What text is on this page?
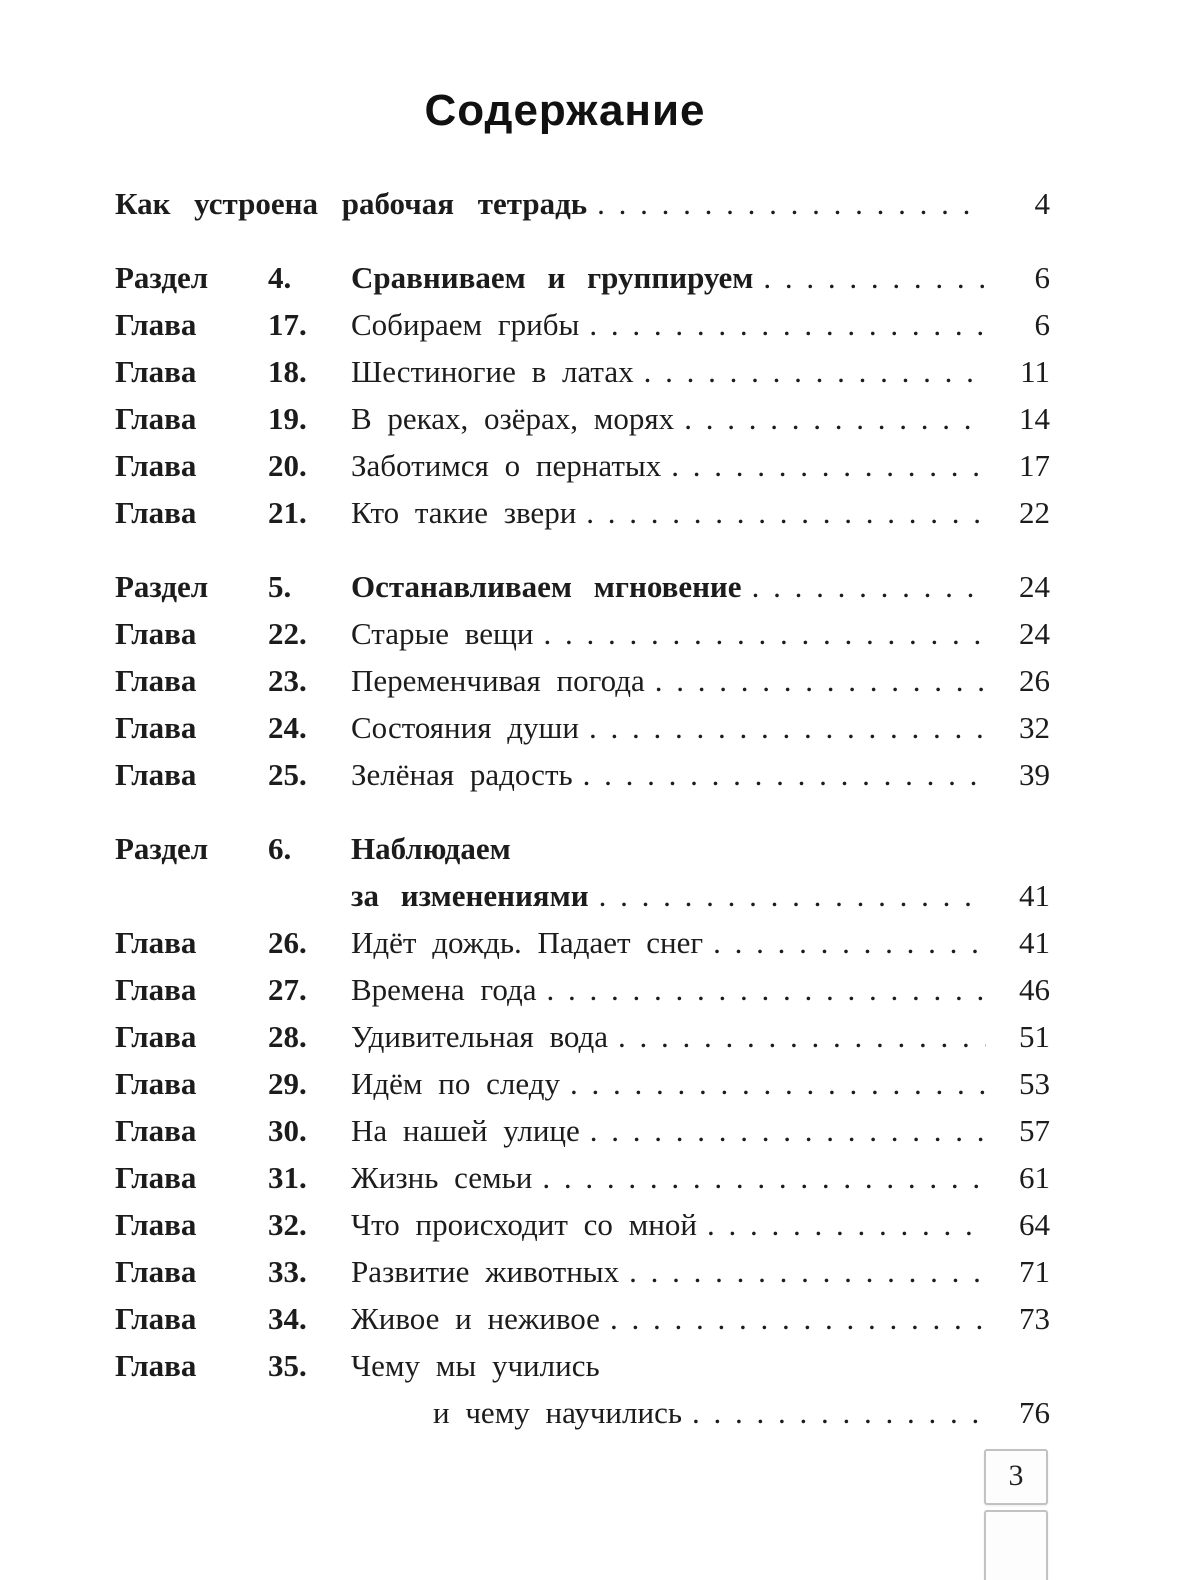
Содержание
Как устроена рабочая тетрадь . . .	4
Раздел	4.	Сравниваем и группируем . . .	6
Глава	17.	Собираем грибы . . .	6
Глава	18.	Шестиногие в латах . . .	11
Глава	19.	В реках, озёрах, морях . . .	14
Глава	20.	Заботимся о пернатых . . .	17
Глава	21.	Кто такие звери . . .	22
Раздел	5.	Останавливаем мгновение . . .	24
Глава	22.	Старые вещи . . .	24
Глава	23.	Переменчивая погода . . .	26
Глава	24.	Состояния души . . .	32
Глава	25.	Зелёная радость . . .	39
Раздел	6.	Наблюдаем
за изменениями . . .	41
Глава	26.	Идёт дождь. Падает снег . . .	41
Глава	27.	Времена года . . .	46
Глава	28.	Удивительная вода . . .	51
Глава	29.	Идём по следу . . .	53
Глава	30.	На нашей улице . . .	57
Глава	31.	Жизнь семьи . . .	61
Глава	32.	Что происходит со мной . . .	64
Глава	33.	Развитие животных . . .	71
Глава	34.	Живое и неживое . . .	73
Глава	35.	Чему мы учились
и чему научились . . .	76
3
